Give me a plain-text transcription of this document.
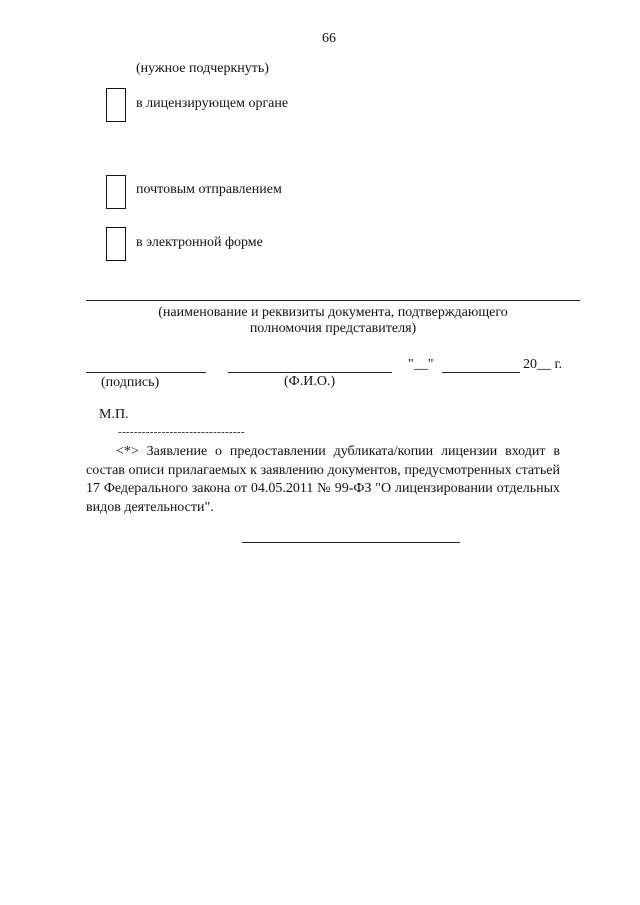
66
(нужное подчеркнуть)
в лицензирующем органе
почтовым отправлением
в электронной форме
(наименование и реквизиты документа, подтверждающего
полномочия представителя)
"__"	20__ г.
(подпись)	(Ф.И.О.)
М.П.
--------------------------------
<*> Заявление о предоставлении дубликата/копии лицензии входит в состав описи прилагаемых к заявлению документов, предусмотренных статьей 17 Федерального закона от 04.05.2011 № 99-ФЗ "О лицензировании отдельных видов деятельности".
